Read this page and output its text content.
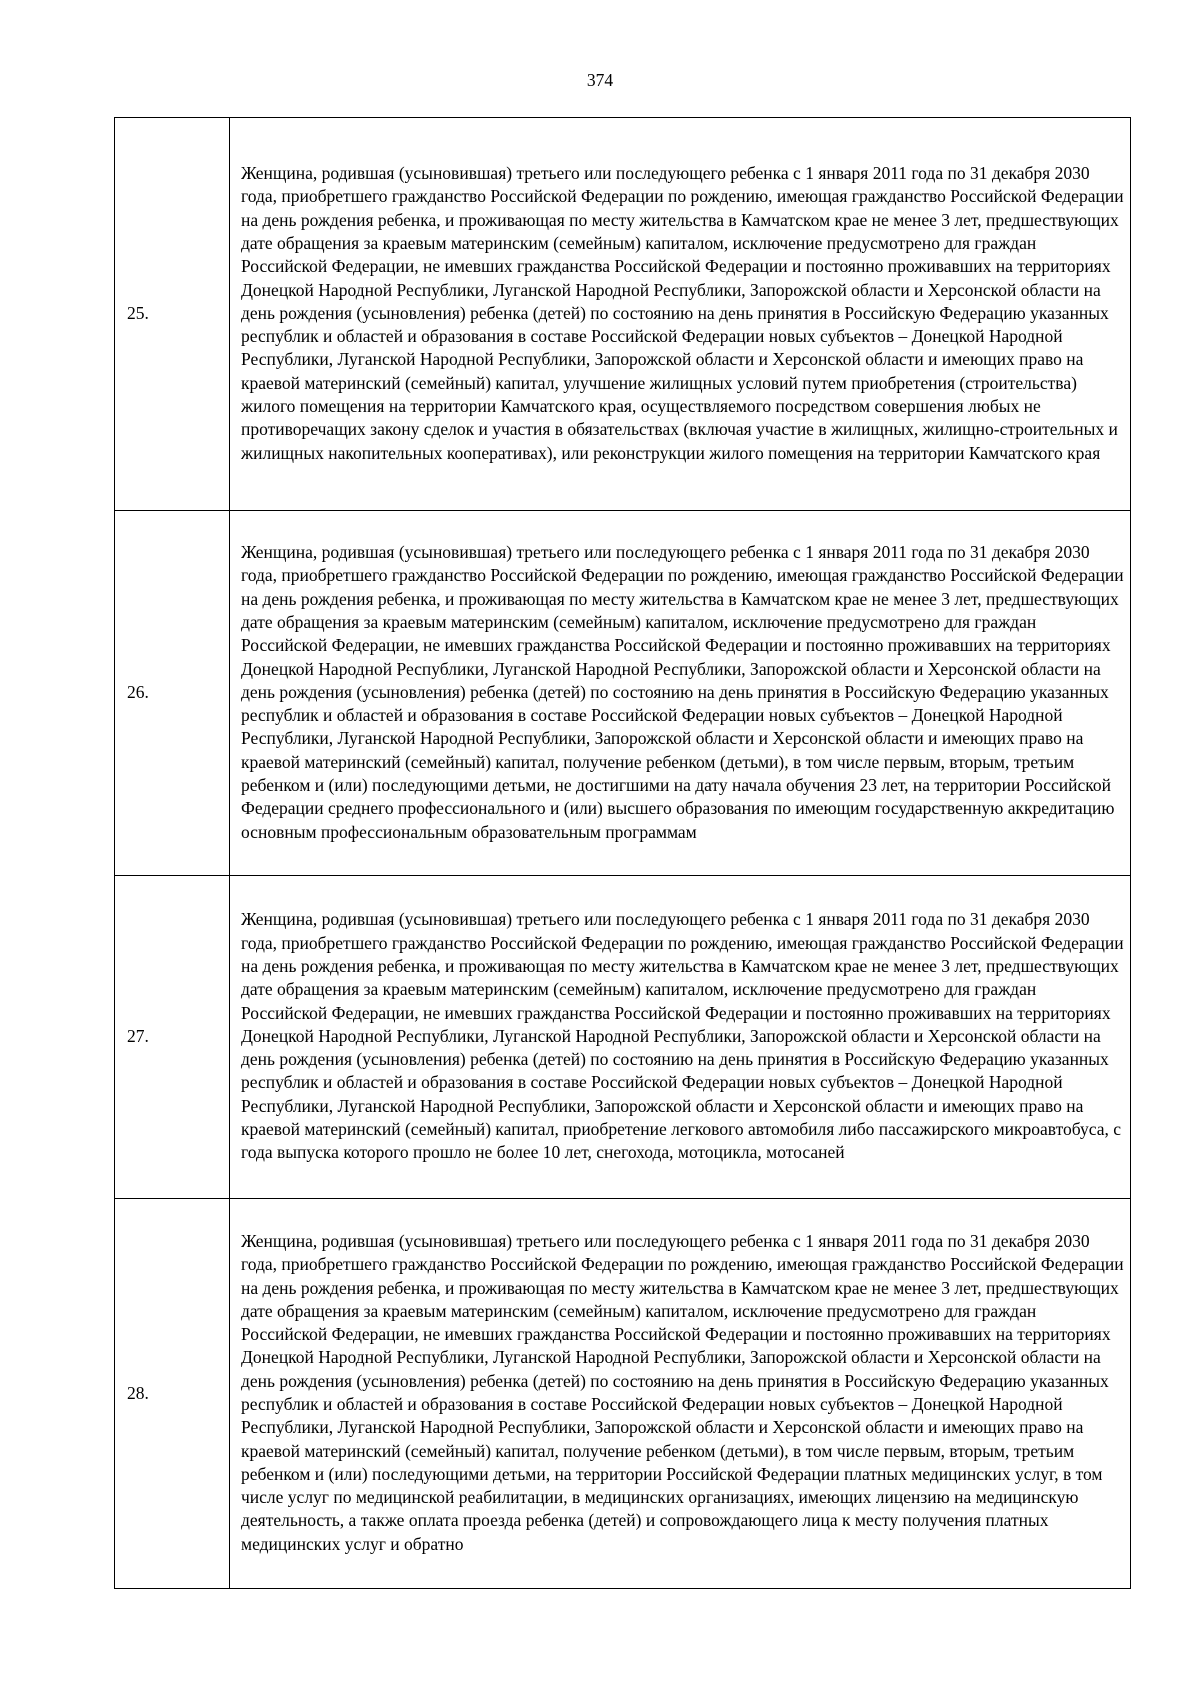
374
25.	Женщина, родившая (усыновившая) третьего или последующего ребенка с 1 января 2011 года по 31 декабря 2030 года, приобретшего гражданство Российской Федерации по рождению, имеющая гражданство Российской Федерации на день рождения ребенка, и проживающая по месту жительства в Камчатском крае не менее 3 лет, предшествующих дате обращения за краевым материнским (семейным) капиталом, исключение предусмотрено для граждан Российской Федерации, не имевших гражданства Российской Федерации и постоянно проживавших на территориях Донецкой Народной Республики, Луганской Народной Республики, Запорожской области и Херсонской области на день рождения (усыновления) ребенка (детей) по состоянию на день принятия в Российскую Федерацию указанных республик и областей и образования в составе Российской Федерации новых субъектов – Донецкой Народной Республики, Луганской Народной Республики, Запорожской области и Херсонской области и имеющих право на краевой материнский (семейный) капитал, улучшение жилищных условий путем приобретения (строительства) жилого помещения на территории Камчатского края, осуществляемого посредством совершения любых не противоречащих закону сделок и участия в обязательствах (включая участие в жилищных, жилищно-строительных и жилищных накопительных кооперативах), или реконструкции жилого помещения на территории Камчатского края
26.	Женщина, родившая (усыновившая) третьего или последующего ребенка с 1 января 2011 года по 31 декабря 2030 года, приобретшего гражданство Российской Федерации по рождению, имеющая гражданство Российской Федерации на день рождения ребенка, и проживающая по месту жительства в Камчатском крае не менее 3 лет, предшествующих дате обращения за краевым материнским (семейным) капиталом, исключение предусмотрено для граждан Российской Федерации, не имевших гражданства Российской Федерации и постоянно проживавших на территориях Донецкой Народной Республики, Луганской Народной Республики, Запорожской области и Херсонской области на день рождения (усыновления) ребенка (детей) по состоянию на день принятия в Российскую Федерацию указанных республик и областей и образования в составе Российской Федерации новых субъектов – Донецкой Народной Республики, Луганской Народной Республики, Запорожской области и Херсонской области и имеющих право на краевой материнский (семейный) капитал, получение ребенком (детьми), в том числе первым, вторым, третьим ребенком и (или) последующими детьми, не достигшими на дату начала обучения 23 лет, на территории Российской Федерации среднего профессионального и (или) высшего образования по имеющим государственную аккредитацию основным профессиональным образовательным программам
27.	Женщина, родившая (усыновившая) третьего или последующего ребенка с 1 января 2011 года по 31 декабря 2030 года, приобретшего гражданство Российской Федерации по рождению, имеющая гражданство Российской Федерации на день рождения ребенка, и проживающая по месту жительства в Камчатском крае не менее 3 лет, предшествующих дате обращения за краевым материнским (семейным) капиталом, исключение предусмотрено для граждан Российской Федерации, не имевших гражданства Российской Федерации и постоянно проживавших на территориях Донецкой Народной Республики, Луганской Народной Республики, Запорожской области и Херсонской области на день рождения (усыновления) ребенка (детей) по состоянию на день принятия в Российскую Федерацию указанных республик и областей и образования в составе Российской Федерации новых субъектов – Донецкой Народной Республики, Луганской Народной Республики, Запорожской области и Херсонской области и имеющих право на краевой материнский (семейный) капитал, приобретение легкового автомобиля либо пассажирского микроавтобуса, с года выпуска которого прошло не более 10 лет, снегохода, мотоцикла, мотосаней
28.	Женщина, родившая (усыновившая) третьего или последующего ребенка с 1 января 2011 года по 31 декабря 2030 года, приобретшего гражданство Российской Федерации по рождению, имеющая гражданство Российской Федерации на день рождения ребенка, и проживающая по месту жительства в Камчатском крае не менее 3 лет, предшествующих дате обращения за краевым материнским (семейным) капиталом, исключение предусмотрено для граждан Российской Федерации, не имевших гражданства Российской Федерации и постоянно проживавших на территориях Донецкой Народной Республики, Луганской Народной Республики, Запорожской области и Херсонской области на день рождения (усыновления) ребенка (детей) по состоянию на день принятия в Российскую Федерацию указанных республик и областей и образования в составе Российской Федерации новых субъектов – Донецкой Народной Республики, Луганской Народной Республики, Запорожской области и Херсонской области и имеющих право на краевой материнский (семейный) капитал, получение ребенком (детьми), в том числе первым, вторым, третьим ребенком и (или) последующими детьми, на территории Российской Федерации платных медицинских услуг, в том числе услуг по медицинской реабилитации, в медицинских организациях, имеющих лицензию на медицинскую деятельность, а также оплата проезда ребенка (детей) и сопровождающего лица к месту получения платных медицинских услуг и обратно
